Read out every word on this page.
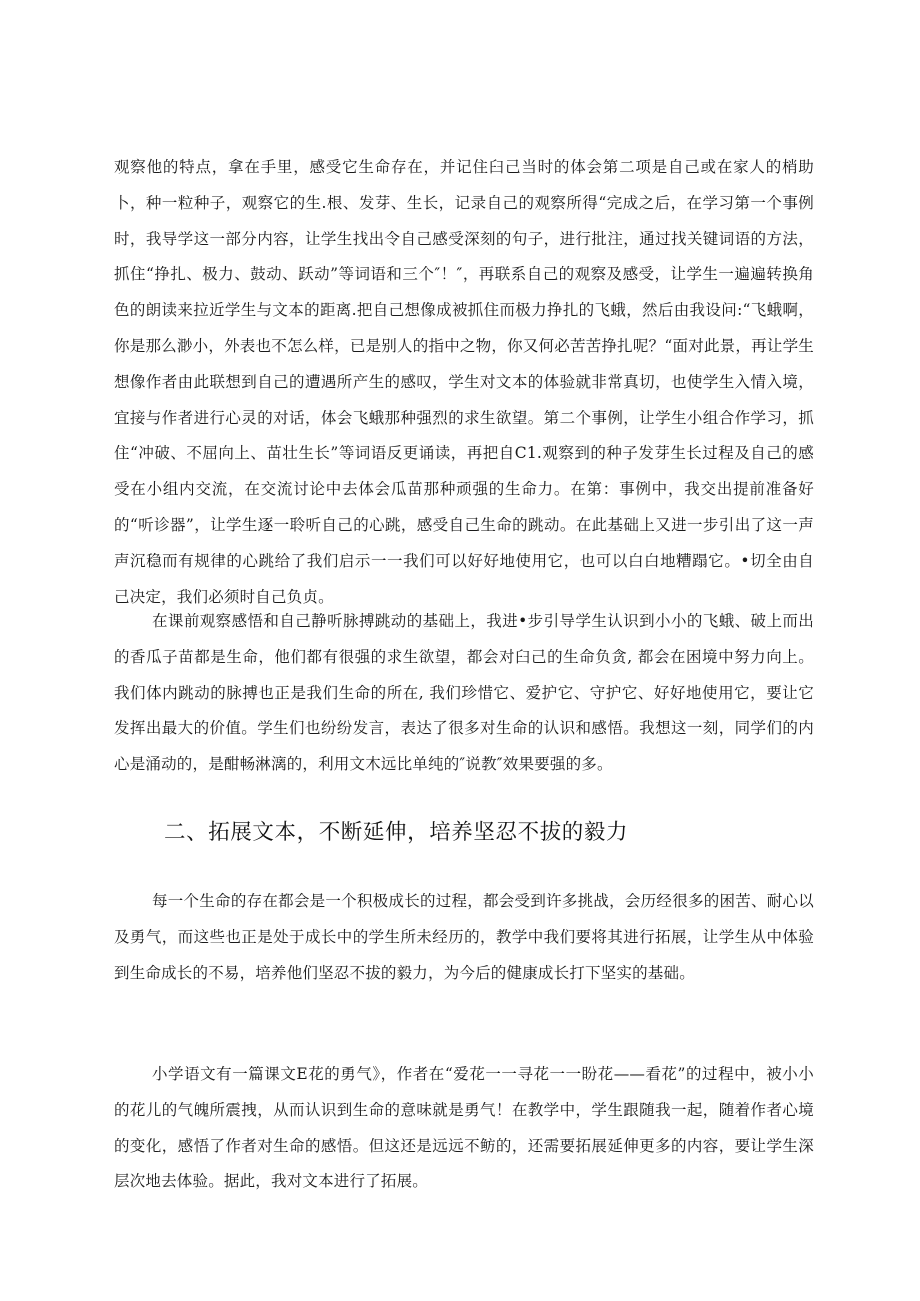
观察他的特点，拿在手里，感受它生命存在，并记住臼己当时的体会第二项是自己或在家人的梢助卜，种一粒种子，观察它的生.根、发芽、生长，记录自己的观察所得“完成之后，在学习第一个事例时，我导学这一部分内容，让学生找出令自己感受深刻的句子，进行批注，通过找关键词语的方法，抓住“挣扎、极力、鼓动、跃动”等词语和三个″！″，再联系自己的观察及感受，让学生一遍遍转换角色的朗读来拉近学生与文本的距离.把自己想像成被抓住而极力挣扎的飞蛾，然后由我设问:“飞蛾啊，你是那么渺小，外表也不怎么样，已是别人的指中之物，你又何必苦苦挣扎呢？“面对此景，再让学生想像作者由此联想到自己的遭遇所产生的感叹，学生对文本的体验就非常真切，也使学生入情入境，宜接与作者进行心灵的对话，体会飞蛾那种强烈的求生欲望。第二个事例，让学生小组合作学习，抓住“冲破、不屈向上、苗壮生长”等词语反更诵读，再把自C1.观察到的种子发芽生长过程及自己的感受在小组内交流，在交流讨论中去体会瓜苗那种顽强的生命力。在第：事例中，我交出提前准备好的“听诊器”，让学生逐一聆听自己的心跳，感受自己生命的跳动。在此基础上又进一步引出了这一声声沉稳而有规律的心跳给了我们启示一一我们可以好好地使用它，也可以白白地糟蹋它。•切全由自己决定，我们必须时自己负贞。

在课前观察感悟和自己静听脉搏跳动的基础上，我进•步引导学生认识到小小的飞蛾、破上而出的香瓜子苗都是生命，他们都有很强的求生欲望，都会对臼己的生命负贪, 都会在困境中努力向上。我们体内跳动的脉搏也正是我们生命的所在, 我们珍惜它、爱护它、守护它、好好地使用它，要让它发挥出最大的价值。学生们也纷纷发言，表达了很多对生命的认识和感悟。我想这一刻，同学们的内心是涌动的，是酣畅淋漓的，利用文木远比单纯的″说教″效果要强的多。

二、拓展文本，不断延伸，培养坚忍不拔的毅力

每一个生命的存在都会是一个积极成长的过程，都会受到许多挑战，会历经很多的困苦、耐心以及勇气，而这些也正是处于成长中的学生所未经历的，教学中我们要将其进行拓展，让学生从中体验到生命成长的不易，培养他们坚忍不拔的毅力，为今后的健康成长打下坚实的基础。

小学语文有一篇课文E花的勇气》，作者在“爱花一一寻花一一盼花——看花”的过程中，被小小的花儿的气魄所震拽，从而认识到生命的意味就是勇气！在教学中，学生跟随我一起，随着作者心境的变化，感悟了作者对生命的感悟。但这还是远远不鲂的，还需要拓展延伸更多的内容，要让学生深层次地去体验。据此，我对文本进行了拓展。
